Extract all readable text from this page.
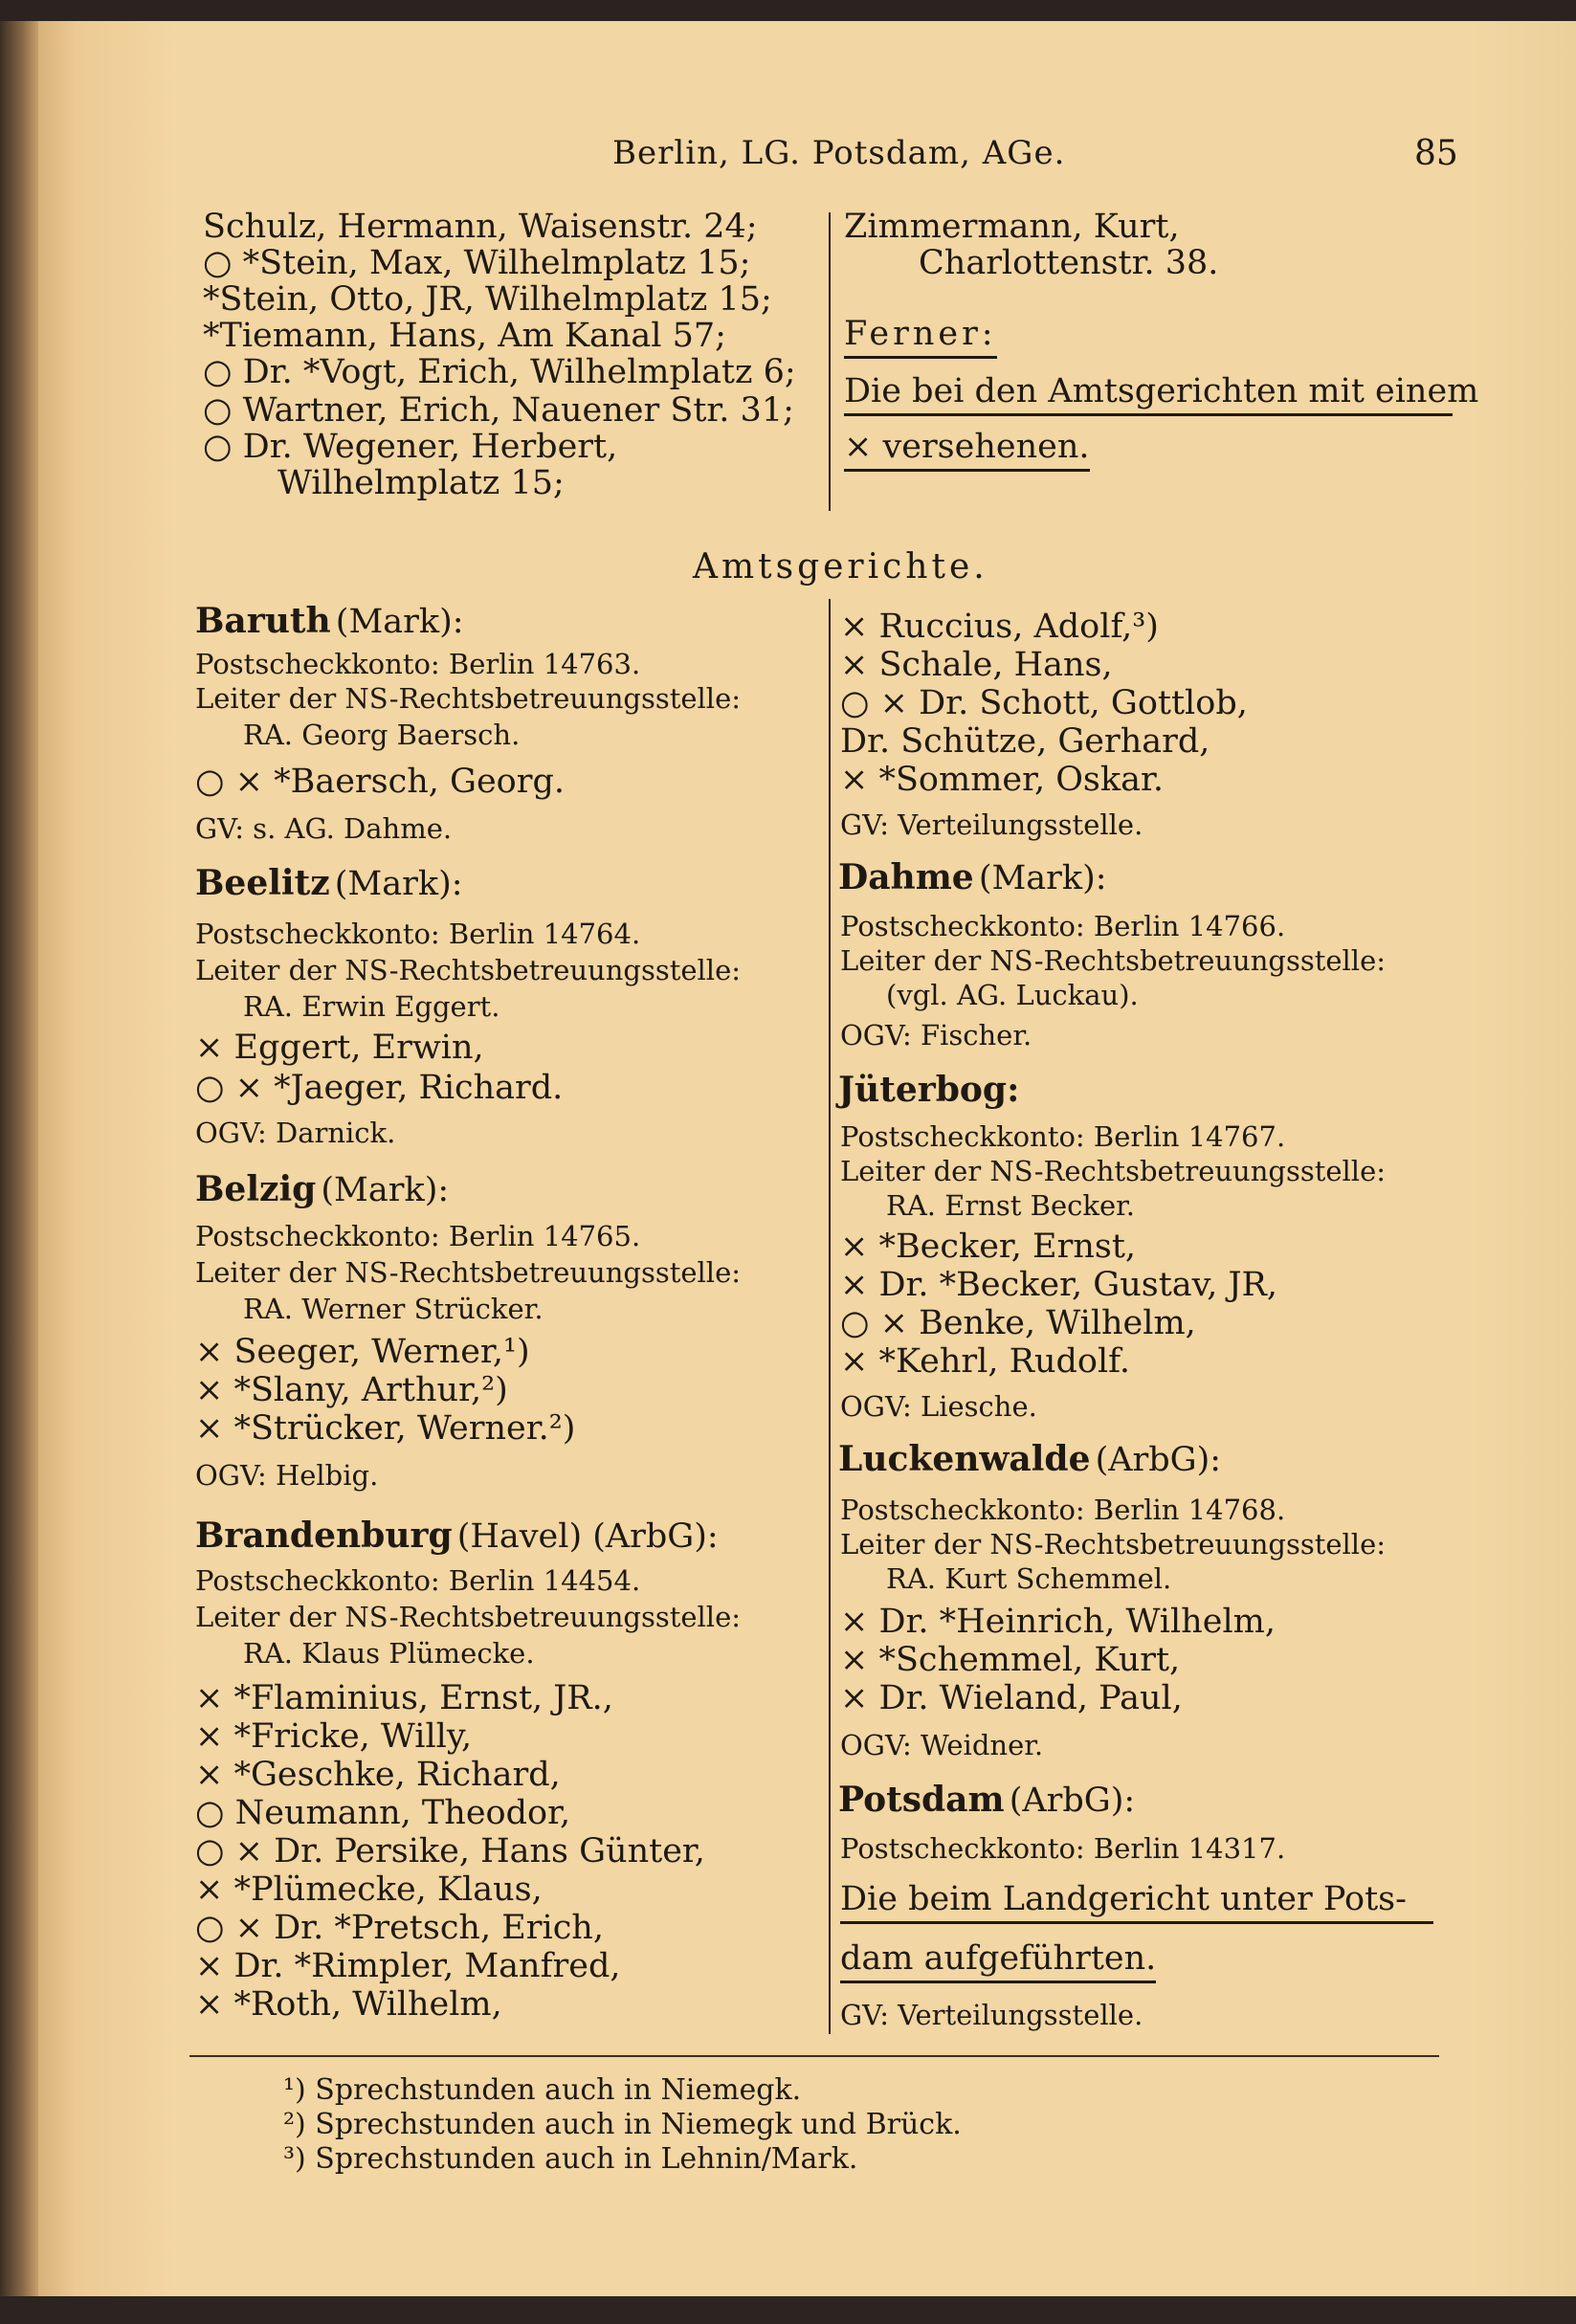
Berlin, LG. Potsdam, AGe.	85
Schulz, Hermann, Waisenstr. 24;
○ *Stein, Max, Wilhelmplatz 15;
*Stein, Otto, JR, Wilhelmplatz 15;
*Tiemann, Hans, Am Kanal 57;
○ Dr. *Vogt, Erich, Wilhelmplatz 6;
○ Wartner, Erich, Nauener Str. 31;
○ Dr. Wegener, Herbert,
Wilhelmplatz 15;
Zimmermann, Kurt,
Charlottenstr. 38.
Ferner:
Die bei den Amtsgerichten mit einem
× versehenen.
Amtsgerichte.
Baruth (Mark):
Postscheckkonto: Berlin 14763.
Leiter der NS-Rechtsbetreuungsstelle:
RA. Georg Baersch.
○ × *Baersch, Georg.
GV: s. AG. Dahme.
Beelitz (Mark):
Postscheckkonto: Berlin 14764.
Leiter der NS-Rechtsbetreuungsstelle:
RA. Erwin Eggert.
× Eggert, Erwin,
○ × *Jaeger, Richard.
OGV: Darnick.
Belzig (Mark):
Postscheckkonto: Berlin 14765.
Leiter der NS-Rechtsbetreuungsstelle:
RA. Werner Strücker.
× Seeger, Werner,¹)
× *Slany, Arthur,²)
× *Strücker, Werner.²)
OGV: Helbig.
Brandenburg (Havel) (ArbG):
Postscheckkonto: Berlin 14454.
Leiter der NS-Rechtsbetreuungsstelle:
RA. Klaus Plümecke.
× *Flaminius, Ernst, JR.,
× *Fricke, Willy,
× *Geschke, Richard,
○ Neumann, Theodor,
○ × Dr. Persike, Hans Günter,
× *Plümecke, Klaus,
○ × Dr. *Pretsch, Erich,
× Dr. *Rimpler, Manfred,
× *Roth, Wilhelm,
× Ruccius, Adolf,³)
× Schale, Hans,
○ × Dr. Schott, Gottlob,
Dr. Schütze, Gerhard,
× *Sommer, Oskar.
GV: Verteilungsstelle.
Dahme (Mark):
Postscheckkonto: Berlin 14766.
Leiter der NS-Rechtsbetreuungsstelle:
(vgl. AG. Luckau).
OGV: Fischer.
Jüterbog:
Postscheckkonto: Berlin 14767.
Leiter der NS-Rechtsbetreuungsstelle:
RA. Ernst Becker.
× *Becker, Ernst,
× Dr. *Becker, Gustav, JR,
○ × Benke, Wilhelm,
× *Kehrl, Rudolf.
OGV: Liesche.
Luckenwalde (ArbG):
Postscheckkonto: Berlin 14768.
Leiter der NS-Rechtsbetreuungsstelle:
RA. Kurt Schemmel.
× Dr. *Heinrich, Wilhelm,
× *Schemmel, Kurt,
× Dr. Wieland, Paul,
OGV: Weidner.
Potsdam (ArbG):
Postscheckkonto: Berlin 14317.
Die beim Landgericht unter Pots-
dam aufgeführten.
GV: Verteilungsstelle.
¹) Sprechstunden auch in Niemegk.
²) Sprechstunden auch in Niemegk und Brück.
³) Sprechstunden auch in Lehnin/Mark.
